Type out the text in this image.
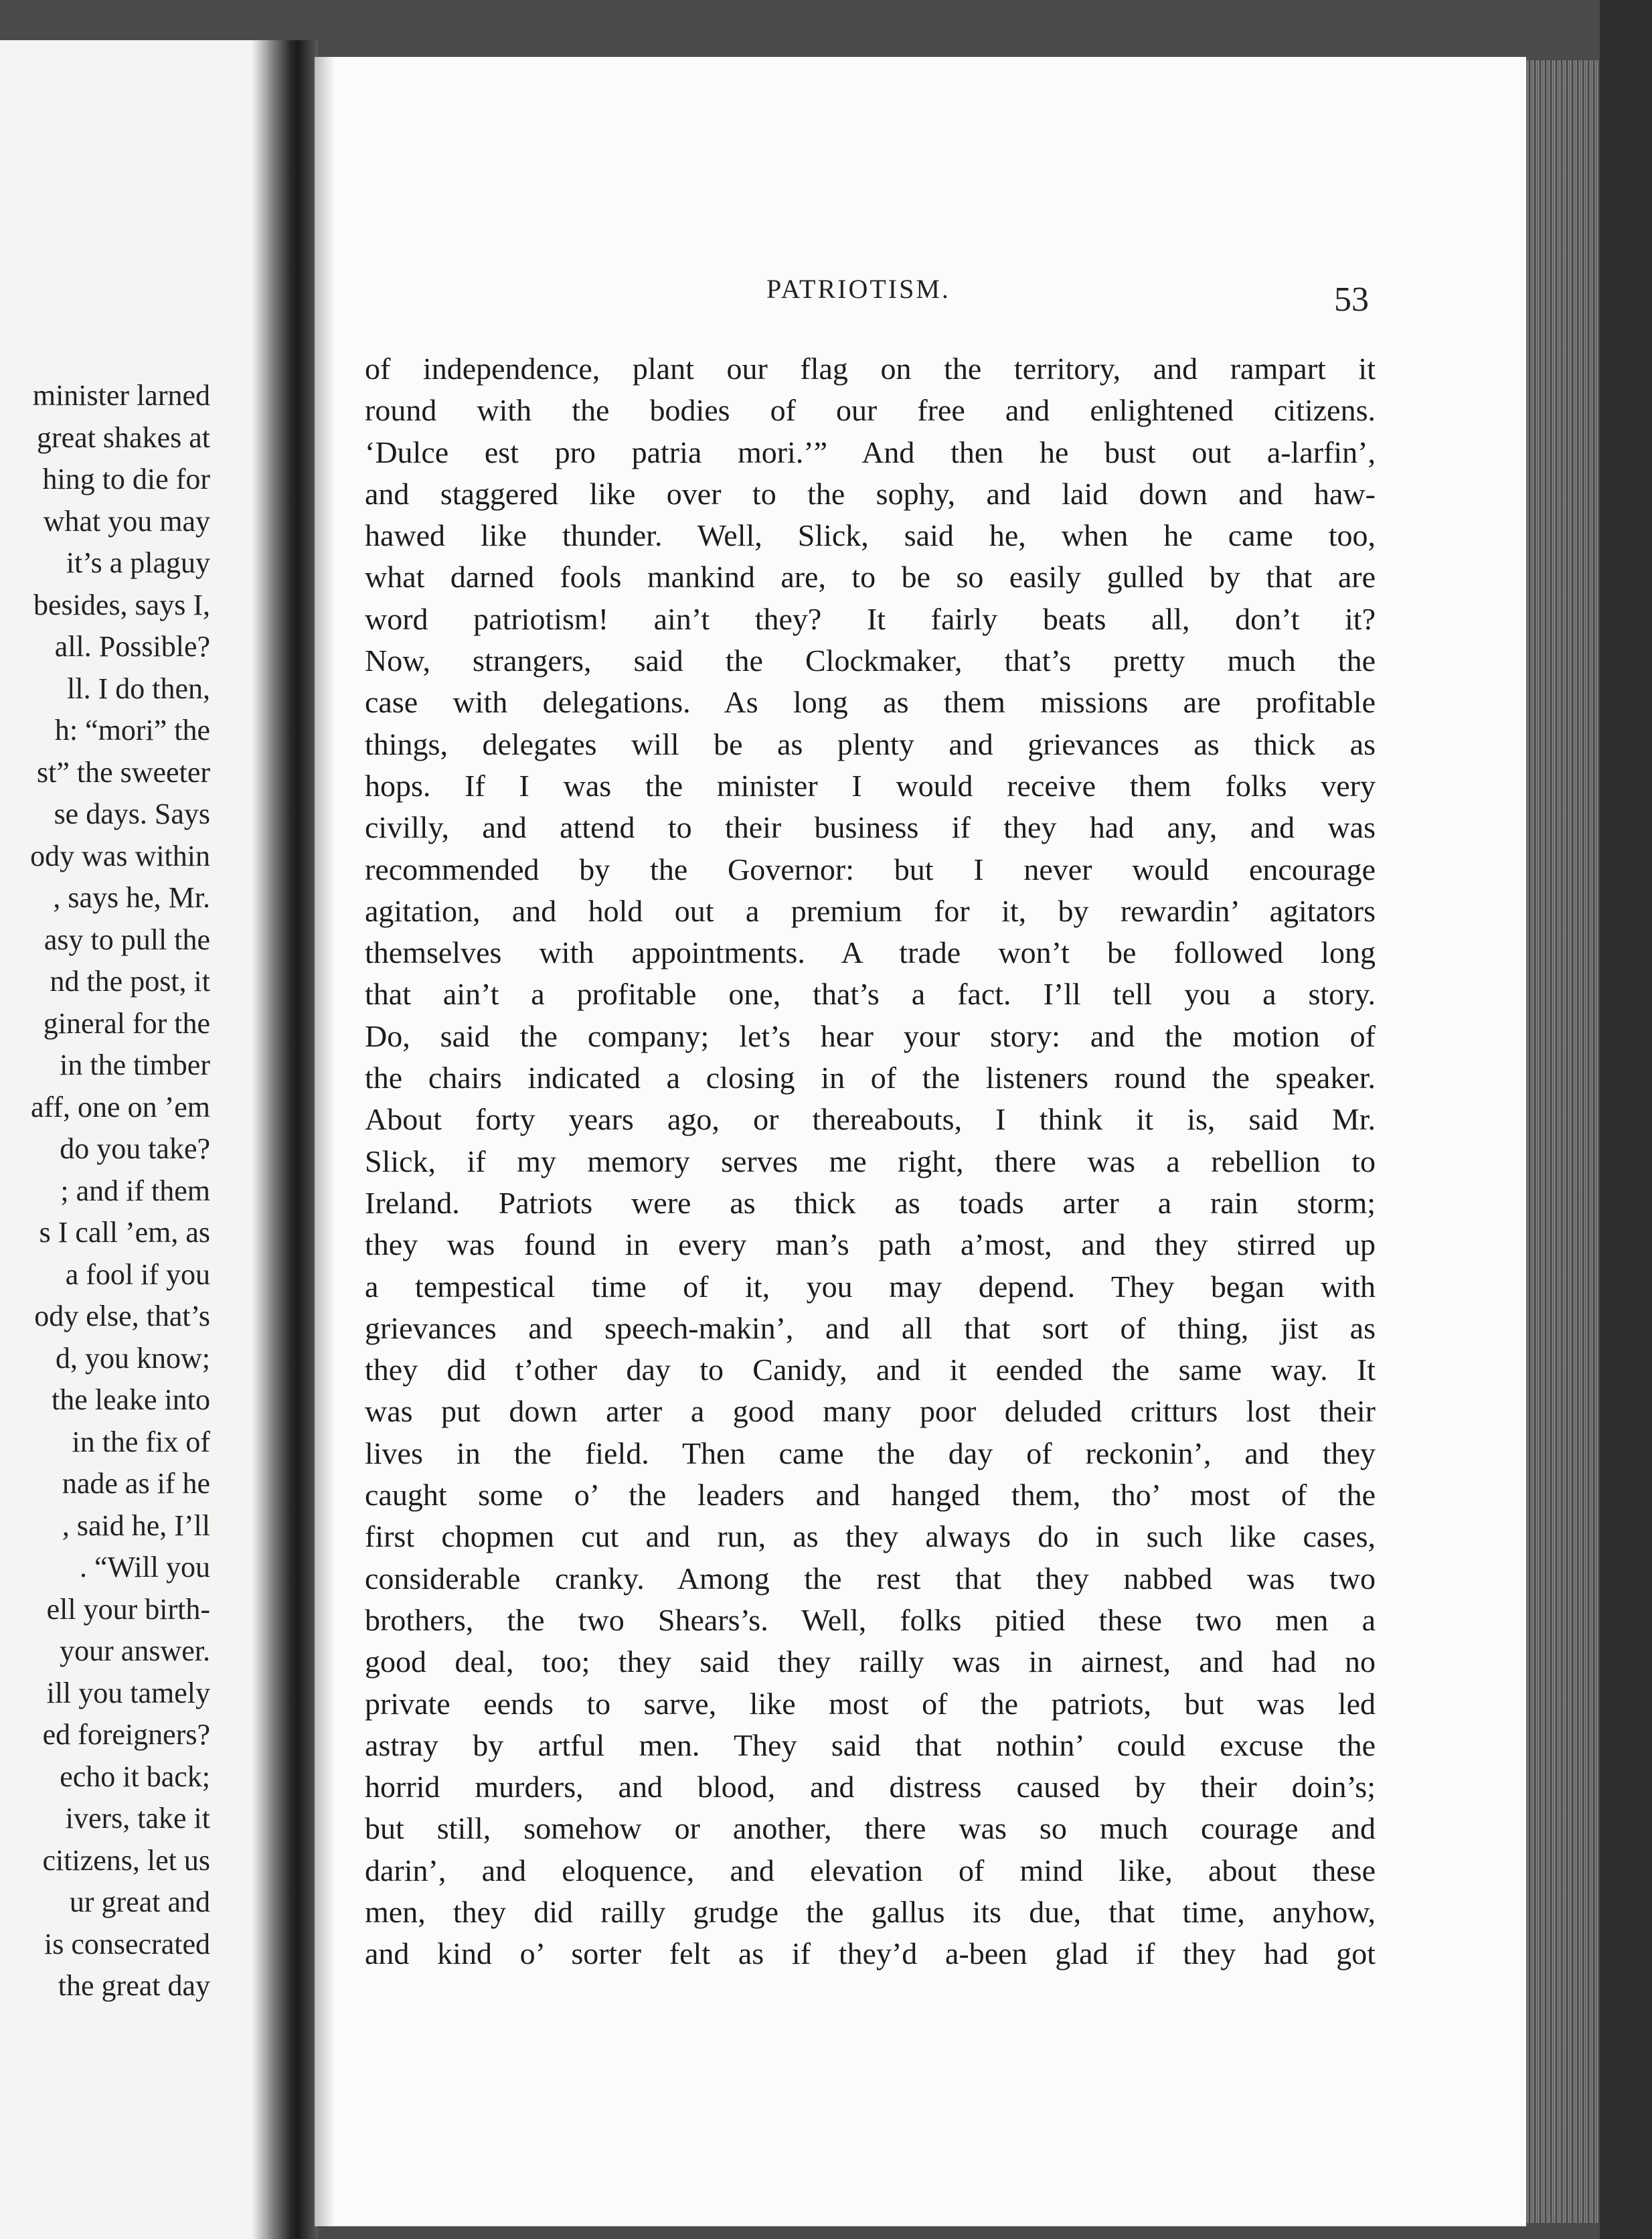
minister larned
great shakes at
hing to die for
what you may
it’s a plaguy
besides, says I,
all. Possible?
ll. I do then,
h: “mori” the
st” the sweeter
se days. Says
ody was within
, says he, Mr.
asy to pull the
nd the post, it
gineral for the
in the timber
aff, one on ’em
do you take?
; and if them
s I call ’em, as
a fool if you
ody else, that’s
d, you know;
the leake into
in the fix of
nade as if he
, said he, I’ll
. “Will you
ell your birth-
your answer.
ill you tamely
ed foreigners?
echo it back;
ivers, take it
citizens, let us
ur great and
is consecrated
the great day
PATRIOTISM.	53
of independence, plant our flag on the territory, and rampart it
round with the bodies of our free and enlightened citizens.
‘Dulce est pro patria mori.’” And then he bust out a-larfin’,
and staggered like over to the sophy, and laid down and haw-
hawed like thunder. Well, Slick, said he, when he came too,
what darned fools mankind are, to be so easily gulled by that are
word patriotism! ain’t they? It fairly beats all, don’t it?
Now, strangers, said the Clockmaker, that’s pretty much the
case with delegations. As long as them missions are profitable
things, delegates will be as plenty and grievances as thick as
hops. If I was the minister I would receive them folks very
civilly, and attend to their business if they had any, and was
recommended by the Governor: but I never would encourage
agitation, and hold out a premium for it, by rewardin’ agitators
themselves with appointments. A trade won’t be followed long
that ain’t a profitable one, that’s a fact. I’ll tell you a story.
Do, said the company; let’s hear your story: and the motion of
the chairs indicated a closing in of the listeners round the speaker.
About forty years ago, or thereabouts, I think it is, said Mr.
Slick, if my memory serves me right, there was a rebellion to
Ireland. Patriots were as thick as toads arter a rain storm;
they was found in every man’s path a’most, and they stirred up
a tempestical time of it, you may depend. They began with
grievances and speech-makin’, and all that sort of thing, jist as
they did t’other day to Canidy, and it eended the same way. It
was put down arter a good many poor deluded critturs lost their
lives in the field. Then came the day of reckonin’, and they
caught some o’ the leaders and hanged them, tho’ most of the
first chopmen cut and run, as they always do in such like cases,
considerable cranky. Among the rest that they nabbed was two
brothers, the two Shears’s. Well, folks pitied these two men a
good deal, too; they said they railly was in airnest, and had no
private eends to sarve, like most of the patriots, but was led
astray by artful men. They said that nothin’ could excuse the
horrid murders, and blood, and distress caused by their doin’s;
but still, somehow or another, there was so much courage and
darin’, and eloquence, and elevation of mind like, about these
men, they did railly grudge the gallus its due, that time, anyhow,
and kind o’ sorter felt as if they’d a-been glad if they had got
